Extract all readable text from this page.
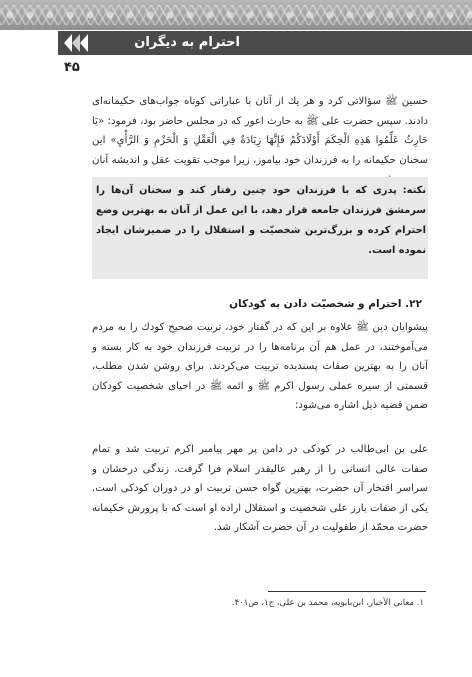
احترام به دیگران
۴۵
حسین ﷺ سؤالاتی کرد و هر یك از آنان با عباراتی کوتاه جواب‌های حکیمانه‌ای دادند. سپس حضرت علی ﷺ به حارث اعور که در مجلس حاضر بود، فرمود: «يَا حَارِثُ عَلِّمُوا هَذِهِ الْحِكَمَ أَوْلَادَكُمْ فَإِنَّهَا زِيَادَةٌ فِي الْعَقْلِ وَ الْحَزْمِ وَ الرَّأْيِ» این سخنان حکیمانه را به فرزندان خود بیاموز، زیرا موجب تقویت عقل و اندیشه آنان
نکته: پدری که با فرزندان خود چنین رفتار کند و سخنان آن‌ها را سرمشق فرزندان جامعه قرار دهد، با این عمل از آنان به بهترین وضع احترام کرده و بزرگ‌ترین شخصیّت و استقلال را در ضمیرشان ایجاد نموده است.
۲۲. احترام و شخصیّت دادن به کودکان
پیشوایان دین ﷺ علاوه بر این که در گفتار خود، تربیت صحیح کودك را به مردم می‌آموختند، در عمل هم آن برنامه‌ها را در تربیت فرزندان خود به کار بسته و آنان را به بهترین صفات پسندیده تربیت می‌کردند. برای روشن شدن مطلب، قسمتی از سیره عملی رسول اکرم ﷺ و ائمه ﷺ در احیای شخصیت کودکان ضمن قضیه ذیل اشاره می‌شود:
علی بن ابی‌طالب در کودکی در دامن پر مهر پیامبر اکرم تربیت شد و تمام صفات عالی انسانی را از رهبر عالیقدر اسلام فرا گرفت. زندگی درخشان و سراسر افتخار آن حضرت، بهترین گواه حسن تربیت او در دوران کودکی است. یکی از صفات بارز علی شخصیت و استقلال اراده او است که با پرورش حکیمانه حضرت محمّد از طفولیت در آن حضرت آشکار شد.
۱. معانی الأخبار، ابن‌بابویه، محمد بن علی، ج۱، ص۴۰۱.
